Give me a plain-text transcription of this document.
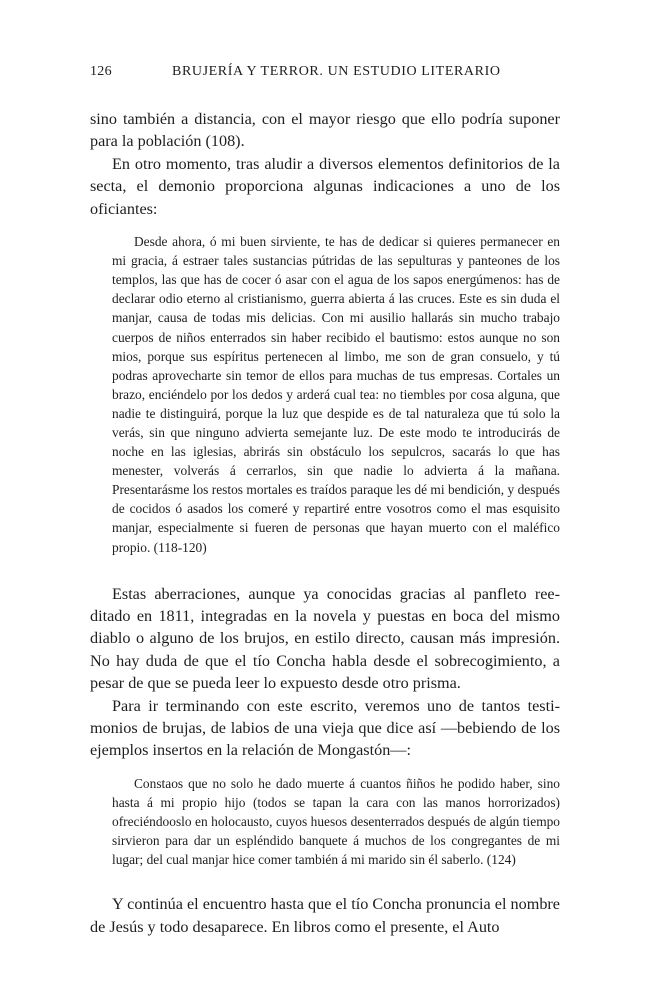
126	BRUJERÍA Y TERROR. UN ESTUDIO LITERARIO

sino también a distancia, con el mayor riesgo que ello podría suponer para la población (108).

En otro momento, tras aludir a diversos elementos definitorios de la secta, el demonio proporciona algunas indicaciones a uno de los oficiantes:

Desde ahora, ó mi buen sirviente, te has de dedicar si quieres permanecer en mi gracia, á estraer tales sustancias pútridas de las sepulturas y panteones de los templos, las que has de cocer ó asar con el agua de los sapos energúmenos: has de declarar odio eterno al cristianismo, guerra abierta á las cruces. Este es sin duda el manjar, causa de todas mis delicias. Con mi ausilio hallarás sin mucho trabajo cuerpos de niños enterrados sin haber recibido el bautismo: estos aunque no son mios, porque sus espíritus pertenecen al limbo, me son de gran consuelo, y tú podras aprovecharte sin temor de ellos para muchas de tus empresas. Cortales un brazo, enciéndelo por los dedos y arderá cual tea: no tiembles por cosa alguna, que nadie te distinguirá, porque la luz que despide es de tal naturaleza que tú solo la verás, sin que ninguno advierta semejante luz. De este modo te introducirás de noche en las iglesias, abrirás sin obstáculo los sepulcros, sacarás lo que has menester, volverás á cerrarlos, sin que nadie lo advierta á la mañana. Presentarásme los restos mortales es traídos paraque les dé mi bendición, y después de cocidos ó asados los comeré y repartiré entre vosotros como el mas esquisito manjar, especialmente si fueren de personas que hayan muerto con el maléfico propio. (118-120)

Estas aberraciones, aunque ya conocidas gracias al panfleto reeditado en 1811, integradas en la novela y puestas en boca del mismo diablo o alguno de los brujos, en estilo directo, causan más impresión. No hay duda de que el tío Concha habla desde el sobrecogimiento, a pesar de que se pueda leer lo expuesto desde otro prisma.

Para ir terminando con este escrito, veremos uno de tantos testimonios de brujas, de labios de una vieja que dice así —bebiendo de los ejemplos insertos en la relación de Mongastón—:

Constaos que no solo he dado muerte á cuantos ñiños he podido haber, sino hasta á mi propio hijo (todos se tapan la cara con las manos horrorizados) ofreciéndooslo en holocausto, cuyos huesos desenterrados después de algún tiempo sirvieron para dar un espléndido banquete á muchos de los congregantes de mi lugar; del cual manjar hice comer también á mi marido sin él saberlo. (124)

Y continúa el encuentro hasta que el tío Concha pronuncia el nombre de Jesús y todo desaparece. En libros como el presente, el Auto
